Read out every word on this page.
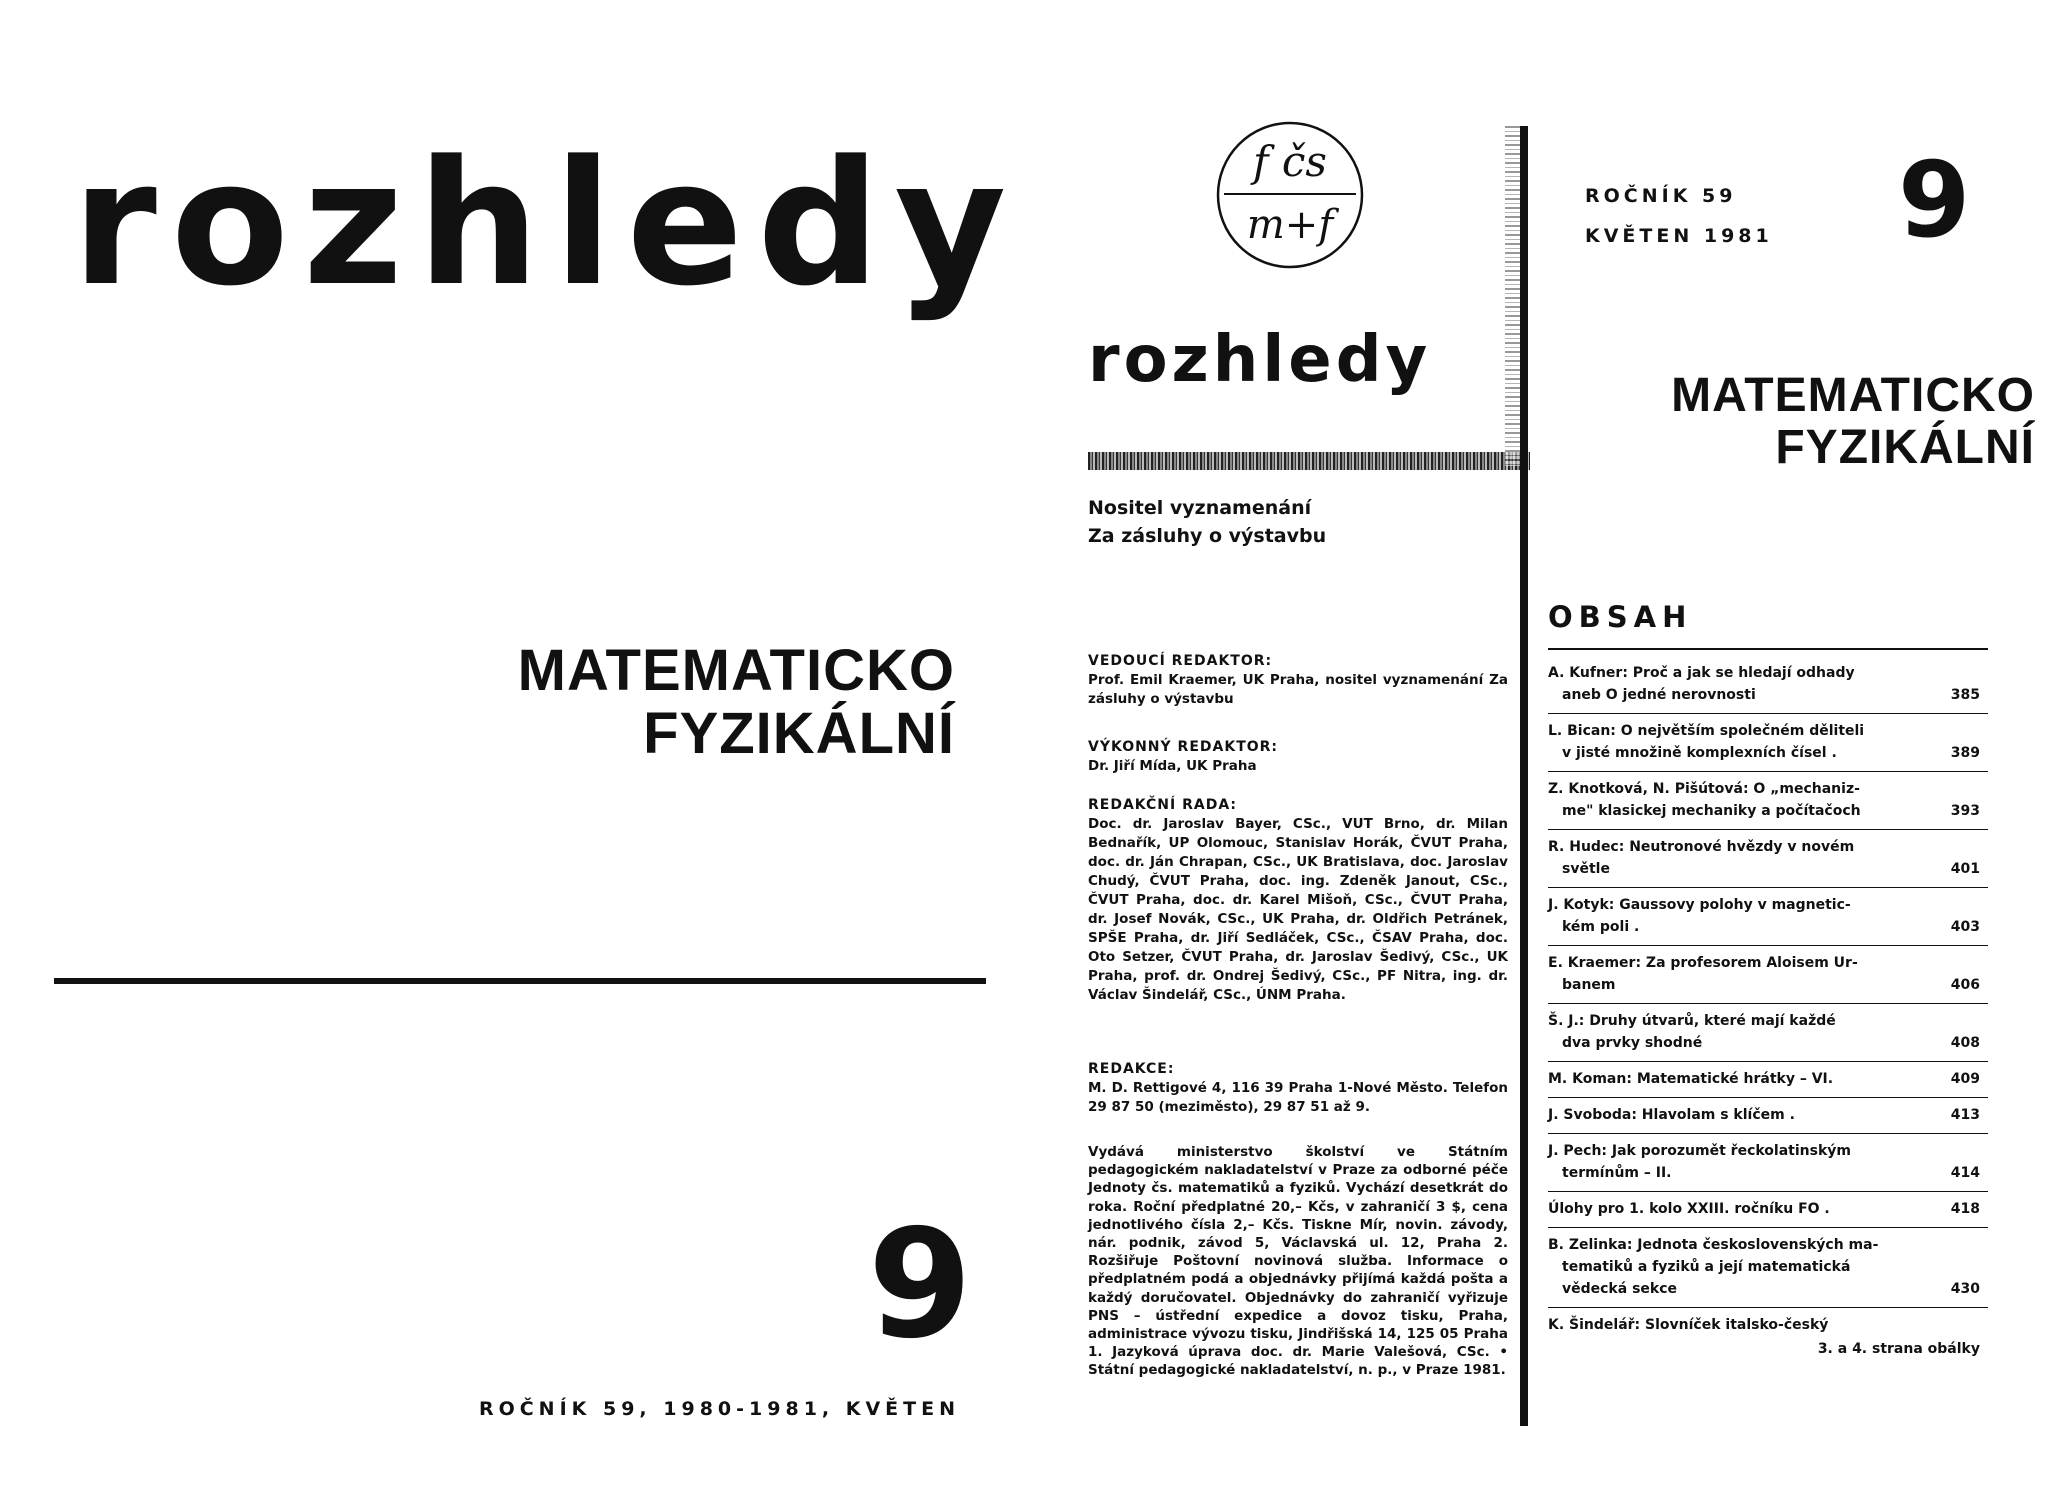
rozhledy
MATEMATICKO
FYZIKÁLNÍ
9
ROČNÍK 59, 1980-1981, KVĚTEN
f čs
m+f
rozhledy
Nositel vyznamenání
Za zásluhy o výstavbu
VEDOUCÍ REDAKTOR:
Prof. Emil Kraemer, UK Praha, nositel vyznamenání Za zásluhy o výstavbu
VÝKONNÝ REDAKTOR:
Dr. Jiří Mída, UK Praha
REDAKČNÍ RADA:
Doc. dr. Jaroslav Bayer, CSc., VUT Brno, dr. Milan Bednařík, UP Olomouc, Stanislav Horák, ČVUT Praha, doc. dr. Ján Chrapan, CSc., UK Bratislava, doc. Jaroslav Chudý, ČVUT Praha, doc. ing. Zdeněk Janout, CSc., ČVUT Praha, doc. dr. Karel Mišoň, CSc., ČVUT Praha, dr. Josef Novák, CSc., UK Praha, dr. Oldřich Petránek, SPŠE Praha, dr. Jiří Sedláček, CSc., ČSAV Praha, doc. Oto Setzer, ČVUT Praha, dr. Jaroslav Šedivý, CSc., UK Praha, prof. dr. Ondrej Šedivý, CSc., PF Nitra, ing. dr. Václav Šindelář, CSc., ÚNM Praha.
REDAKCE:
M. D. Rettigové 4, 116 39 Praha 1-Nové Město. Telefon 29 87 50 (meziměsto), 29 87 51 až 9.
Vydává ministerstvo školství ve Státním pedagogickém nakladatelství v Praze za odborné péče Jednoty čs. matematiků a fyziků. Vychází desetkrát do roka. Roční předplatné 20,– Kčs, v zahraničí 3 $, cena jednotlivého čísla 2,– Kčs. Tiskne Mír, novin. závody, nár. podnik, závod 5, Václavská ul. 12, Praha 2. Rozšiřuje Poštovní novinová služba. Informace o předplatném podá a objednávky přijímá každá pošta a každý doručovatel. Objednávky do zahraničí vyřizuje PNS – ústřední expedice a dovoz tisku, Praha, administrace vývozu tisku, Jindřišská 14, 125 05 Praha 1. Jazyková úprava doc. dr. Marie Valešová, CSc. • Státní pedagogické nakladatelství, n. p., v Praze 1981.
ROČNÍK 59
KVĚTEN 1981 9
MATEMATICKO
FYZIKÁLNÍ
OBSAH
A. Kufner: Proč a jak se hledají odhady
aneb O jedné nerovnosti	385
L. Bican: O největším společném děliteli
v jisté množině komplexních čísel .	389
Z. Knotková, N. Pišútová: O „mechaniz-
me" klasickej mechaniky a počítačoch	393
R. Hudec: Neutronové hvězdy v novém
světle	401
J. Kotyk: Gaussovy polohy v magnetic-
kém poli .	403
E. Kraemer: Za profesorem Aloisem Ur-
banem	406
Š. J.: Druhy útvarů, které mají každé
dva prvky shodné	408
M. Koman: Matematické hrátky – VI.	409
J. Svoboda: Hlavolam s klíčem .	413
J. Pech: Jak porozumět řeckolatinským
termínům – II.	414
Úlohy pro 1. kolo XXIII. ročníku FO .	418
B. Zelinka: Jednota československých ma-
tematiků a fyziků a její matematická
vědecká sekce	430
K. Šindelář: Slovníček italsko-český
3. a 4. strana obálky
